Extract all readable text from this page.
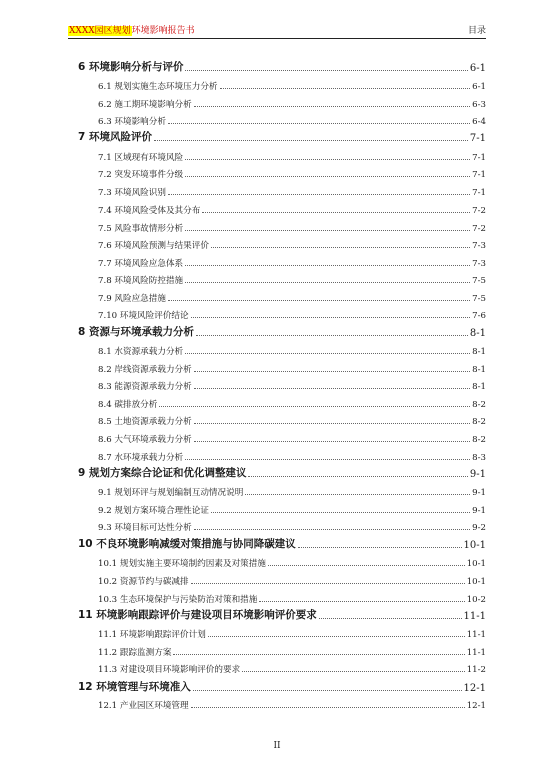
XXXX园区规划环境影响报告书	目录
6 环境影响分析与评价	6-1
6.1 规划实施生态环境压力分析	6-1
6.2 施工期环境影响分析	6-3
6.3 环境影响分析	6-4
7 环境风险评价	7-1
7.1 区域现有环境风险	7-1
7.2 突发环境事件分级	7-1
7.3 环境风险识别	7-1
7.4 环境风险受体及其分布	7-2
7.5 风险事故情形分析	7-2
7.6 环境风险预测与结果评价	7-3
7.7 环境风险应急体系	7-3
7.8 环境风险防控措施	7-5
7.9 风险应急措施	7-5
7.10 环境风险评价结论	7-6
8 资源与环境承载力分析	8-1
8.1 水资源承载力分析	8-1
8.2 岸线资源承载力分析	8-1
8.3 能源资源承载力分析	8-1
8.4 碳排放分析	8-2
8.5 土地资源承载力分析	8-2
8.6 大气环境承载力分析	8-2
8.7 水环境承载力分析	8-3
9 规划方案综合论证和优化调整建议	9-1
9.1 规划环评与规划编制互动情况说明	9-1
9.2 规划方案环境合理性论证	9-1
9.3 环境目标可达性分析	9-2
10 不良环境影响减缓对策措施与协同降碳建议	10-1
10.1 规划实施主要环境制约因素及对策措施	10-1
10.2 资源节约与碳减排	10-1
10.3 生态环境保护与污染防治对策和措施	10-2
11 环境影响跟踪评价与建设项目环境影响评价要求	11-1
11.1 环境影响跟踪评价计划	11-1
11.2 跟踪监测方案	11-1
11.3 对建设项目环境影响评价的要求	11-2
12 环境管理与环境准入	12-1
12.1 产业园区环境管理	12-1
II
